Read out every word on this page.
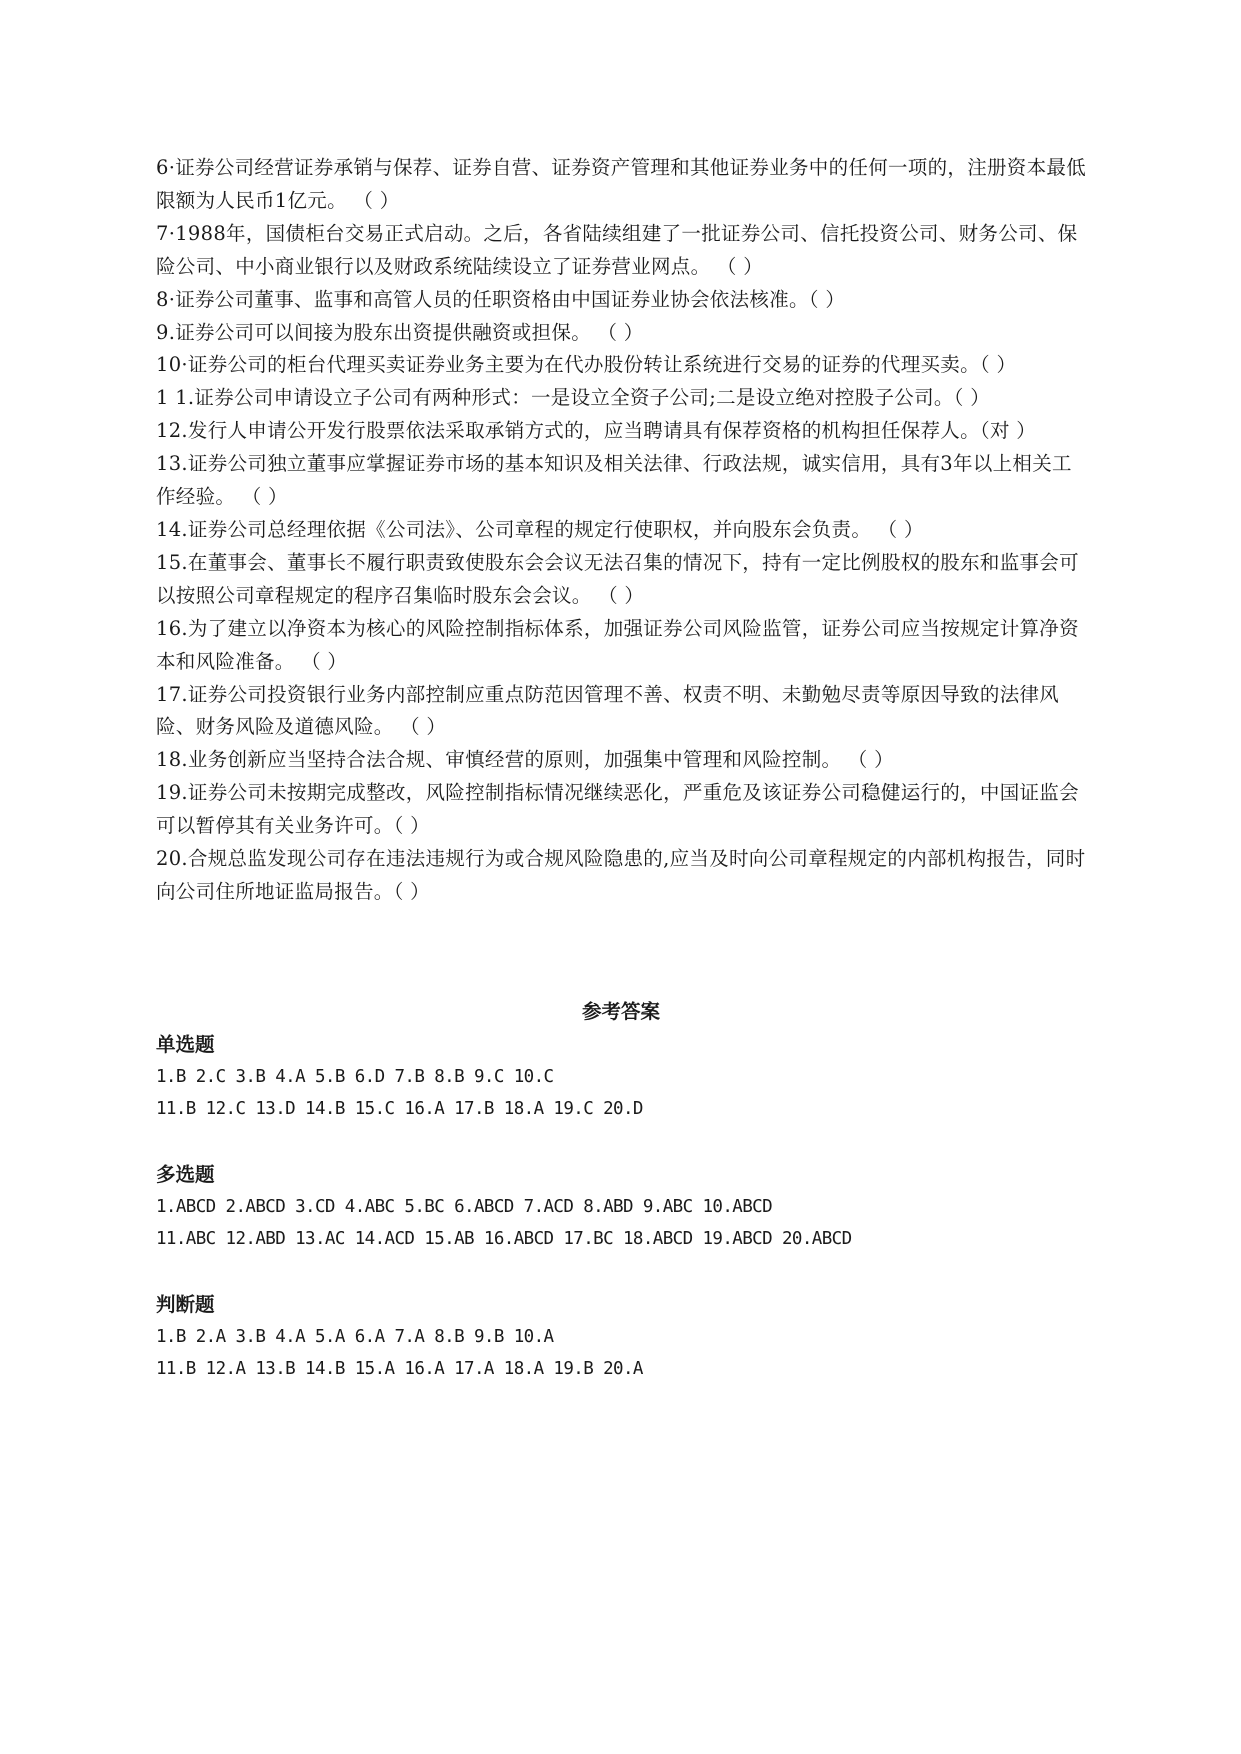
6·证券公司经营证券承销与保荐、证券自营、证券资产管理和其他证券业务中的任何一项的，注册资本最低限额为人民币1亿元。 （ ）

7·1988年，国债柜台交易正式启动。之后，各省陆续组建了一批证券公司、信托投资公司、财务公司、保险公司、中小商业银行以及财政系统陆续设立了证券营业网点。 （ ）

8·证券公司董事、监事和高管人员的任职资格由中国证券业协会依法核准。（ ）

9.证券公司可以间接为股东出资提供融资或担保。 （ ）

10·证券公司的柜台代理买卖证券业务主要为在代办股份转让系统进行交易的证券的代理买卖。（ ）

1 1.证券公司申请设立子公司有两种形式：一是设立全资子公司;二是设立绝对控股子公司。（ ）

12.发行人申请公开发行股票依法采取承销方式的，应当聘请具有保荐资格的机构担任保荐人。（对 ）

13.证券公司独立董事应掌握证券市场的基本知识及相关法律、行政法规，诚实信用，具有3年以上相关工作经验。 （ ）

14.证券公司总经理依据《公司法》、公司章程的规定行使职权，并向股东会负责。 （ ）

15.在董事会、董事长不履行职责致使股东会会议无法召集的情况下，持有一定比例股权的股东和监事会可以按照公司章程规定的程序召集临时股东会会议。 （ ）

16.为了建立以净资本为核心的风险控制指标体系，加强证券公司风险监管，证券公司应当按规定计算净资本和风险准备。 （ ）

17.证券公司投资银行业务内部控制应重点防范因管理不善、权责不明、未勤勉尽责等原因导致的法律风险、财务风险及道德风险。 （ ）

18.业务创新应当坚持合法合规、审慎经营的原则，加强集中管理和风险控制。 （ ）

19.证券公司未按期完成整改，风险控制指标情况继续恶化，严重危及该证券公司稳健运行的，中国证监会可以暂停其有关业务许可。（ ）

20.合规总监发现公司存在违法违规行为或合规风险隐患的,应当及时向公司章程规定的内部机构报告，同时向公司住所地证监局报告。（ ）

参考答案
单选题
1.B 2.C 3.B 4.A 5.B 6.D 7.B 8.B 9.C 10.C
11.B 12.C 13.D 14.B 15.C 16.A 17.B 18.A 19.C 20.D
多选题
1.ABCD 2.ABCD 3.CD 4.ABC 5.BC 6.ABCD 7.ACD 8.ABD 9.ABC 10.ABCD
11.ABC 12.ABD 13.AC 14.ACD 15.AB 16.ABCD 17.BC 18.ABCD 19.ABCD 20.ABCD
判断题
1.B 2.A 3.B 4.A 5.A 6.A 7.A 8.B 9.B 10.A
11.B 12.A 13.B 14.B 15.A 16.A 17.A 18.A 19.B 20.A
